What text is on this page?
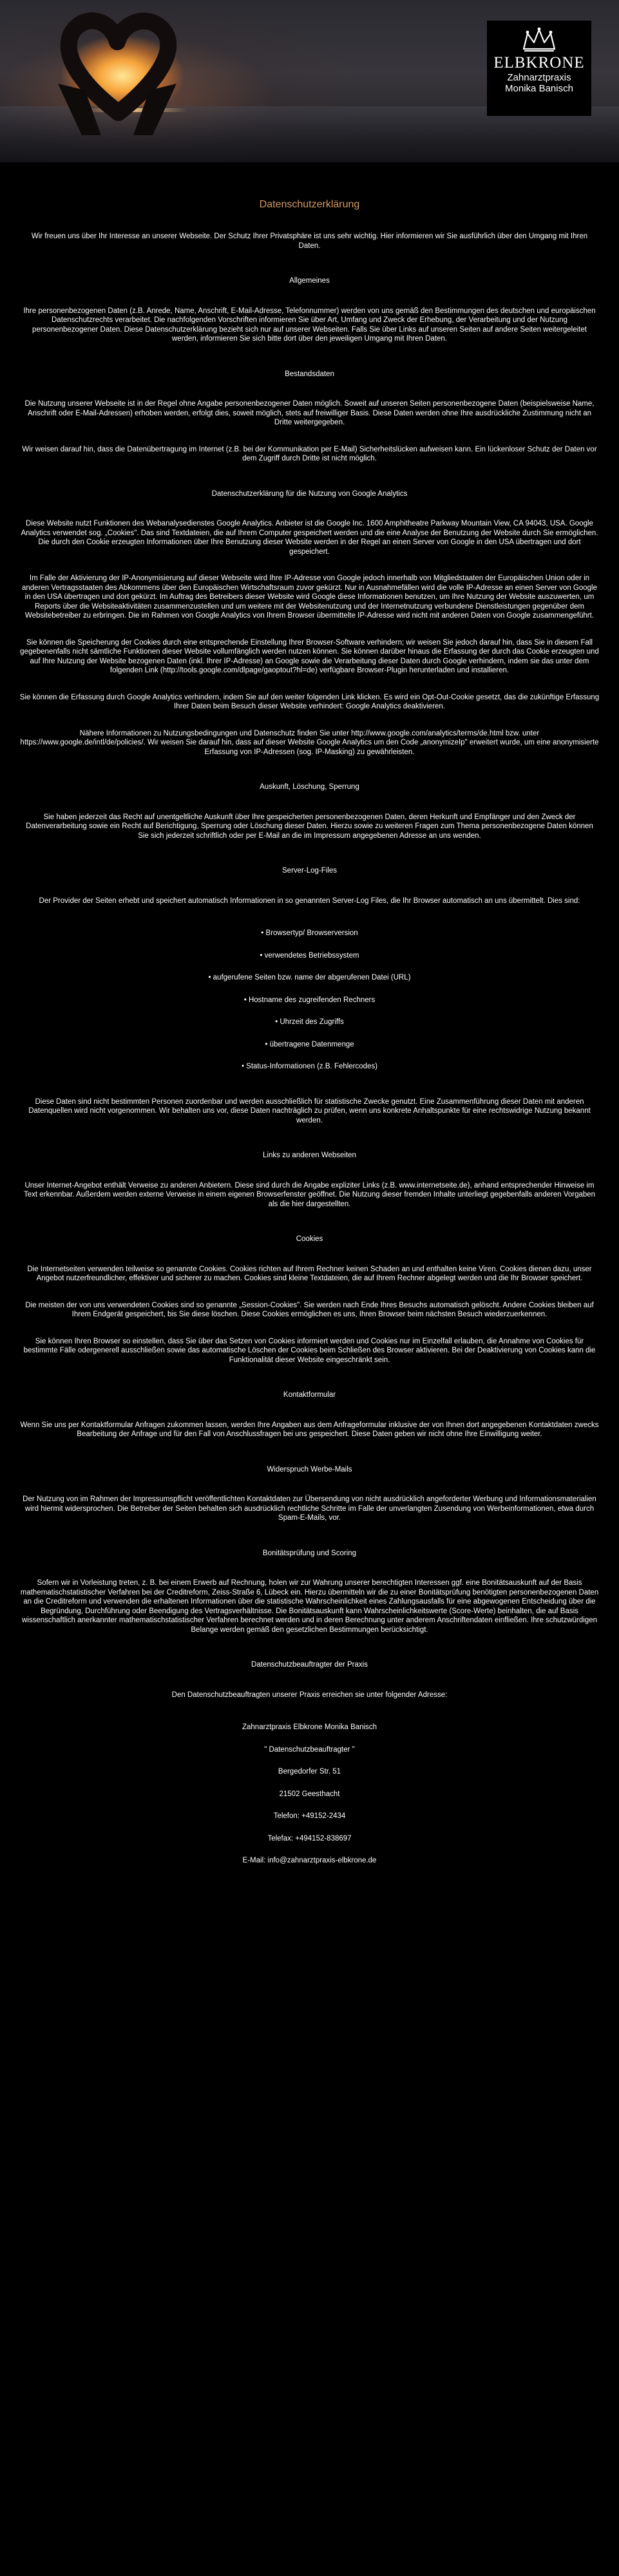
ELBKRONE
Zahnarztpraxis
Monika Banisch
Datenschutzerklärung

Wir freuen uns über Ihr Interesse an unserer Webseite. Der Schutz Ihrer Privatsphäre ist uns sehr wichtig. Hier informieren wir Sie ausführlich über den Umgang mit Ihren Daten.

Allgemeines

Ihre personenbezogenen Daten (z.B. Anrede, Name, Anschrift, E-Mail-Adresse, Telefonnummer) werden von uns gemäß den Bestimmungen des deutschen und europäischen Datenschutzrechts verarbeitet. Die nachfolgenden Vorschriften informieren Sie über Art, Umfang und Zweck der Erhebung, der Verarbeitung und der Nutzung personenbezogener Daten. Diese Datenschutzerklärung bezieht sich nur auf unserer Webseiten. Falls Sie über Links auf unseren Seiten auf andere Seiten weitergeleitet werden, informieren Sie sich bitte dort über den jeweiligen Umgang mit Ihren Daten.

Bestandsdaten

Die Nutzung unserer Webseite ist in der Regel ohne Angabe personenbezogener Daten möglich. Soweit auf unseren Seiten personenbezogene Daten (beispielsweise Name, Anschrift oder E-Mail-Adressen) erhoben werden, erfolgt dies, soweit möglich, stets auf freiwilliger Basis. Diese Daten werden ohne Ihre ausdrückliche Zustimmung nicht an Dritte weitergegeben.

Wir weisen darauf hin, dass die Datenübertragung im Internet (z.B. bei der Kommunikation per E-Mail) Sicherheitslücken aufweisen kann. Ein lückenloser Schutz der Daten vor dem Zugriff durch Dritte ist nicht möglich.

Datenschutzerklärung für die Nutzung von Google Analytics

Diese Website nutzt Funktionen des Webanalysedienstes Google Analytics. Anbieter ist die Google Inc. 1600 Amphitheatre Parkway Mountain View, CA 94043, USA. Google Analytics verwendet sog. „Cookies". Das sind Textdateien, die auf Ihrem Computer gespeichert werden und die eine Analyse der Benutzung der Website durch Sie ermöglichen. Die durch den Cookie erzeugten Informationen über Ihre Benutzung dieser Website werden in der Regel an einen Server von Google in den USA übertragen und dort gespeichert.

Im Falle der Aktivierung der IP-Anonymisierung auf dieser Webseite wird Ihre IP-Adresse von Google jedoch innerhalb von Mitgliedstaaten der Europäischen Union oder in anderen Vertragsstaaten des Abkommens über den Europäischen Wirtschaftsraum zuvor gekürzt. Nur in Ausnahmefällen wird die volle IP-Adresse an einen Server von Google in den USA übertragen und dort gekürzt. Im Auftrag des Betreibers dieser Website wird Google diese Informationen benutzen, um Ihre Nutzung der Website auszuwerten, um Reports über die Websiteaktivitäten zusammenzustellen und um weitere mit der Websitenutzung und der Internetnutzung verbundene Dienstleistungen gegenüber dem Websitebetreiber zu erbringen. Die im Rahmen von Google Analytics von Ihrem Browser übermittelte IP-Adresse wird nicht mit anderen Daten von Google zusammengeführt.

Sie können die Speicherung der Cookies durch eine entsprechende Einstellung Ihrer Browser-Software verhindern; wir weisen Sie jedoch darauf hin, dass Sie in diesem Fall gegebenenfalls nicht sämtliche Funktionen dieser Website vollumfänglich werden nutzen können. Sie können darüber hinaus die Erfassung der durch das Cookie erzeugten und auf Ihre Nutzung der Website bezogenen Daten (inkl. Ihrer IP-Adresse) an Google sowie die Verarbeitung dieser Daten durch Google verhindern, indem sie das unter dem folgenden Link (http://tools.google.com/dlpage/gaoptout?hl=de) verfügbare Browser-Plugin herunterladen und installieren.

Sie können die Erfassung durch Google Analytics verhindern, indem Sie auf den weiter folgenden Link klicken. Es wird ein Opt-Out-Cookie gesetzt, das die zukünftige Erfassung Ihrer Daten beim Besuch dieser Website verhindert: Google Analytics deaktivieren.

Nähere Informationen zu Nutzungsbedingungen und Datenschutz finden Sie unter http://www.google.com/analytics/terms/de.html bzw. unter https://www.google.de/intl/de/policies/. Wir weisen Sie darauf hin, dass auf dieser Website Google Analytics um den Code „anonymizeIp" erweitert wurde, um eine anonymisierte Erfassung von IP-Adressen (sog. IP-Masking) zu gewährleisten.

Auskunft, Löschung, Sperrung

Sie haben jederzeit das Recht auf unentgeltliche Auskunft über Ihre gespeicherten personenbezogenen Daten, deren Herkunft und Empfänger und den Zweck der Datenverarbeitung sowie ein Recht auf Berichtigung, Sperrung oder Löschung dieser Daten. Hierzu sowie zu weiteren Fragen zum Thema personenbezogene Daten können Sie sich jederzeit schriftlich oder per E-Mail an die im Impressum angegebenen Adresse an uns wenden.

Server-Log-Files

Der Provider der Seiten erhebt und speichert automatisch Informationen in so genannten Server-Log Files, die Ihr Browser automatisch an uns übermittelt. Dies sind:

• Browsertyp/ Browserversion

• verwendetes Betriebssystem

• aufgerufene Seiten bzw. name der abgerufenen Datei (URL)

• Hostname des zugreifenden Rechners

• Uhrzeit des Zugriffs

• übertragene Datenmenge

• Status-Informationen (z.B. Fehlercodes)

Diese Daten sind nicht bestimmten Personen zuordenbar und werden ausschließlich für statistische Zwecke genutzt. Eine Zusammenführung dieser Daten mit anderen Datenquellen wird nicht vorgenommen. Wir behalten uns vor, diese Daten nachträglich zu prüfen, wenn uns konkrete Anhaltspunkte für eine rechtswidrige Nutzung bekannt werden.

Links zu anderen Webseiten

Unser Internet-Angebot enthält Verweise zu anderen Anbietern. Diese sind durch die Angabe expliziter Links (z.B. www.internetseite.de), anhand entsprechender Hinweise im Text erkennbar. Außerdem werden externe Verweise in einem eigenen Browserfenster geöffnet. Die Nutzung dieser fremden Inhalte unterliegt gegebenfalls anderen Vorgaben als die hier dargestellten.

Cookies

Die Internetseiten verwenden teilweise so genannte Cookies. Cookies richten auf Ihrem Rechner keinen Schaden an und enthalten keine Viren. Cookies dienen dazu, unser Angebot nutzerfreundlicher, effektiver und sicherer zu machen. Cookies sind kleine Textdateien, die auf Ihrem Rechner abgelegt werden und die Ihr Browser speichert.

Die meisten der von uns verwendeten Cookies sind so genannte „Session-Cookies". Sie werden nach Ende Ihres Besuchs automatisch gelöscht. Andere Cookies bleiben auf Ihrem Endgerät gespeichert, bis Sie diese löschen. Diese Cookies ermöglichen es uns, Ihren Browser beim nächsten Besuch wiederzuerkennen.

Sie können Ihren Browser so einstellen, dass Sie über das Setzen von Cookies informiert werden und Cookies nur im Einzelfall erlauben, die Annahme von Cookies für bestimmte Fälle odergenerell ausschließen sowie das automatische Löschen der Cookies beim Schließen des Browser aktivieren. Bei der Deaktivierung von Cookies kann die Funktionalität dieser Website eingeschränkt sein.

Kontaktformular

Wenn Sie uns per Kontaktformular Anfragen zukommen lassen, werden Ihre Angaben aus dem Anfrageformular inklusive der von Ihnen dort angegebenen Kontaktdaten zwecks Bearbeitung der Anfrage und für den Fall von Anschlussfragen bei uns gespeichert. Diese Daten geben wir nicht ohne Ihre Einwilligung weiter.

Widerspruch Werbe-Mails

Der Nutzung von im Rahmen der Impressumspflicht veröffentlichten Kontaktdaten zur Übersendung von nicht ausdrücklich angeforderter Werbung und Informationsmaterialien wird hiermit widersprochen. Die Betreiber der Seiten behalten sich ausdrücklich rechtliche Schritte im Falle der unverlangten Zusendung von Werbeinformationen, etwa durch Spam-E-Mails, vor.

Bonitätsprüfung und Scoring

Sofern wir in Vorleistung treten, z. B. bei einem Erwerb auf Rechnung, holen wir zur Wahrung unserer berechtigten Interessen ggf. eine Bonitätsauskunft auf der Basis mathematischstatistischer Verfahren bei der Creditreform, Zeiss-Straße 6, Lübeck ein. Hierzu übermitteln wir die zu einer Bonitätsprüfung benötigten personenbezogenen Daten an die Creditreform und verwenden die erhaltenen Informationen über die statistische Wahrscheinlichkeit eines Zahlungsausfalls für eine abgewogenen Entscheidung über die Begründung, Durchführung oder Beendigung des Vertragsverhältnisse. Die Bonitätsauskunft kann Wahrscheinlichkeitswerte (Score-Werte) beinhalten, die auf Basis wissenschaftlich anerkannter mathematischstatistischer Verfahren berechnet werden und in deren Berechnung unter anderem Anschriftendaten einfließen. Ihre schutzwürdigen Belange werden gemäß den gesetzlichen Bestimmungen berücksichtigt.

Datenschutzbeauftragter der Praxis

Den Datenschutzbeauftragten unserer Praxis erreichen sie unter folgender Adresse:

Zahnarztpraxis Elbkrone Monika Banisch

" Datenschutzbeauftragter "

Bergedorfer Str. 51

21502 Geesthacht

Telefon: +49152-2434

Telefax: +494152-838697

E-Mail: info@zahnarztpraxis-elbkrone.de
